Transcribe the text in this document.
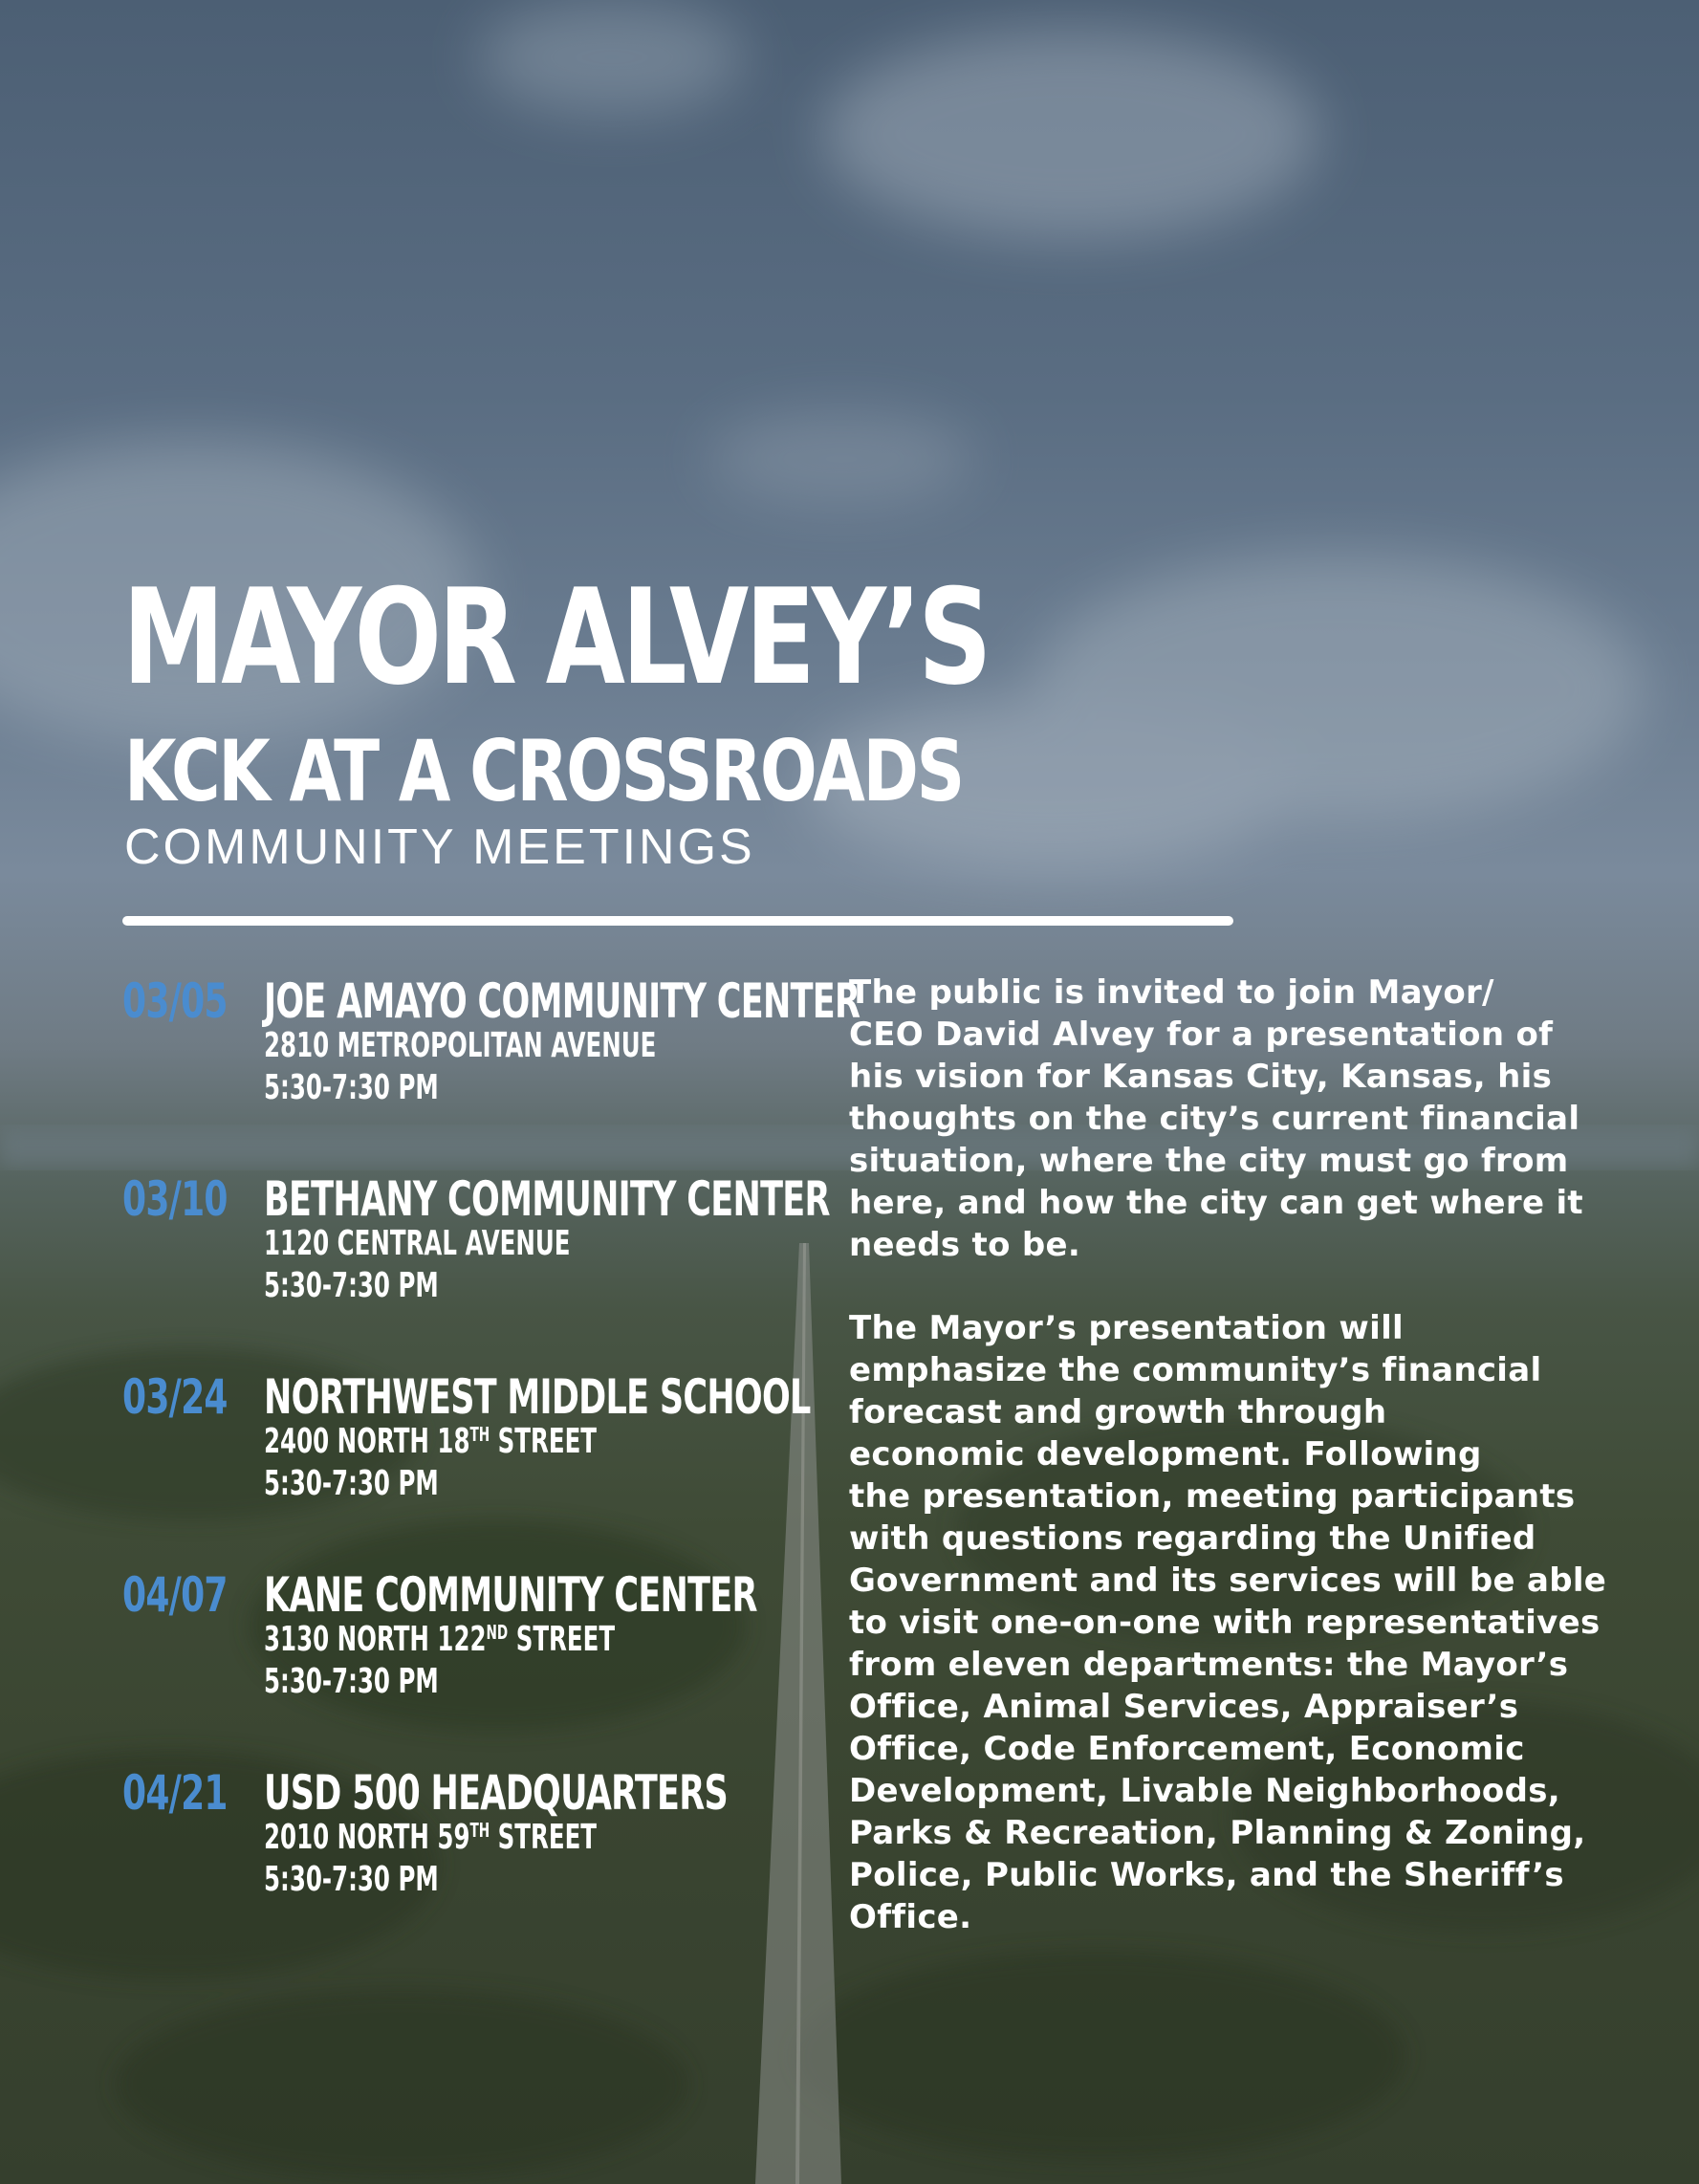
MAYOR ALVEY’S
KCK AT A CROSSROADS
COMMUNITY MEETINGS
03/05 JOE AMAYO COMMUNITY CENTER
2810 METROPOLITAN AVENUE
5:30-7:30 PM
03/10 BETHANY COMMUNITY CENTER
1120 CENTRAL AVENUE
5:30-7:30 PM
03/24 NORTHWEST MIDDLE SCHOOL
2400 NORTH 18TH STREET
5:30-7:30 PM
04/07 KANE COMMUNITY CENTER
3130 NORTH 122ND STREET
5:30-7:30 PM
04/21 USD 500 HEADQUARTERS
2010 NORTH 59TH STREET
5:30-7:30 PM
The public is invited to join Mayor/
CEO David Alvey for a presentation of
his vision for Kansas City, Kansas, his
thoughts on the city’s current financial
situation, where the city must go from
here, and how the city can get where it
needs to be.
The Mayor’s presentation will
emphasize the community’s financial
forecast and growth through
economic development. Following
the presentation, meeting participants
with questions regarding the Unified
Government and its services will be able
to visit one-on-one with representatives
from eleven departments: the Mayor’s
Office, Animal Services, Appraiser’s
Office, Code Enforcement, Economic
Development, Livable Neighborhoods,
Parks & Recreation, Planning & Zoning,
Police, Public Works, and the Sheriff’s
Office.
